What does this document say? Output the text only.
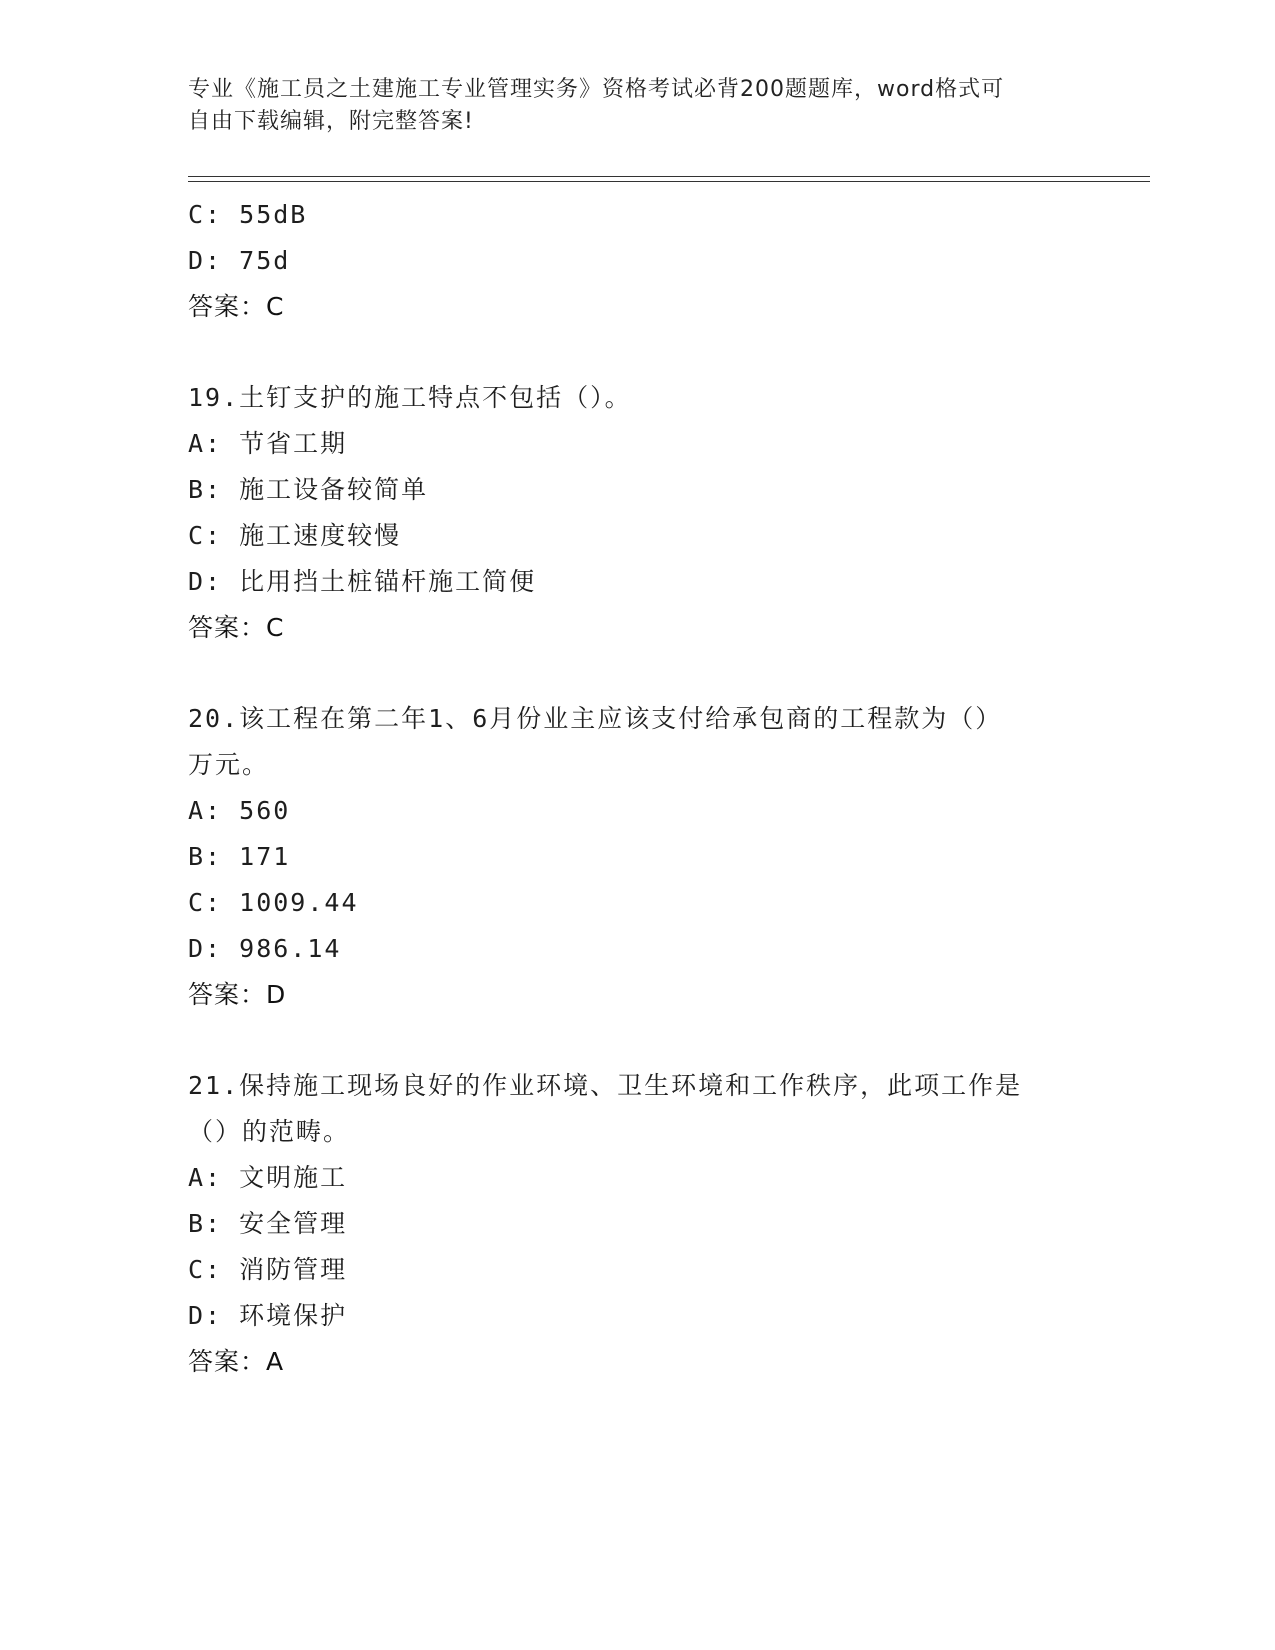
专业《施工员之土建施工专业管理实务》资格考试必背200题题库，word格式可
自由下载编辑，附完整答案!
C: 55dB
D: 75d
答案：C
19.土钉支护的施工特点不包括（）。
A: 节省工期
B: 施工设备较简单
C: 施工速度较慢
D: 比用挡土桩锚杆施工简便
答案：C
20.该工程在第二年1、6月份业主应该支付给承包商的工程款为（）
万元。
A: 560
B: 171
C: 1009.44
D: 986.14
答案：D
21.保持施工现场良好的作业环境、卫生环境和工作秩序，此项工作是
（）的范畴。
A: 文明施工
B: 安全管理
C: 消防管理
D: 环境保护
答案：A
